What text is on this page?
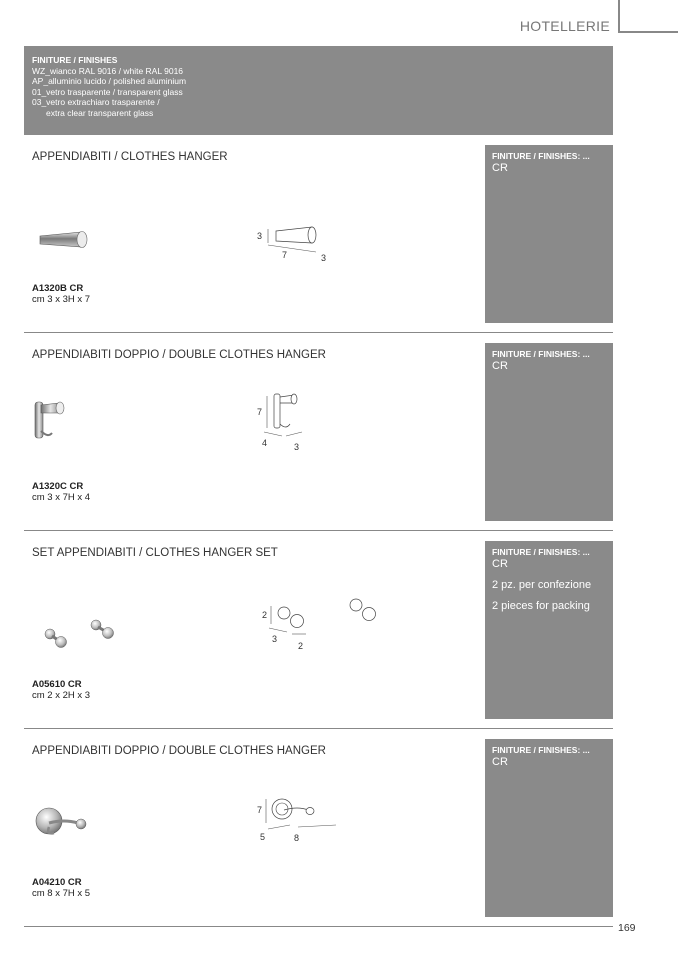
HOTELLERIE
FINITURE / FINISHES
WZ_wianco RAL 9016 / white RAL 9016
AP_alluminio lucido / polished aluminium
01_vetro trasparente / transparent glass
03_vetro extrachiaro trasparente /
extra clear transparent glass
APPENDIABITI / CLOTHES HANGER
3
7	3
A1320B CR
cm 3 x 3H x 7
FINITURE / FINISHES: ...
CR
APPENDIABITI DOPPIO / DOUBLE CLOTHES HANGER
7
4	3
A1320C CR
cm 3 x 7H x 4
FINITURE / FINISHES: ...
CR
SET APPENDIABITI / CLOTHES HANGER SET
2
3
2
A05610 CR
cm 2 x 2H x 3
FINITURE / FINISHES: ...
CR
2 pz. per confezione
2 pieces for packing
APPENDIABITI DOPPIO / DOUBLE CLOTHES HANGER
7
5	8
A04210 CR
cm 8 x 7H x 5
FINITURE / FINISHES: ...
CR
169
